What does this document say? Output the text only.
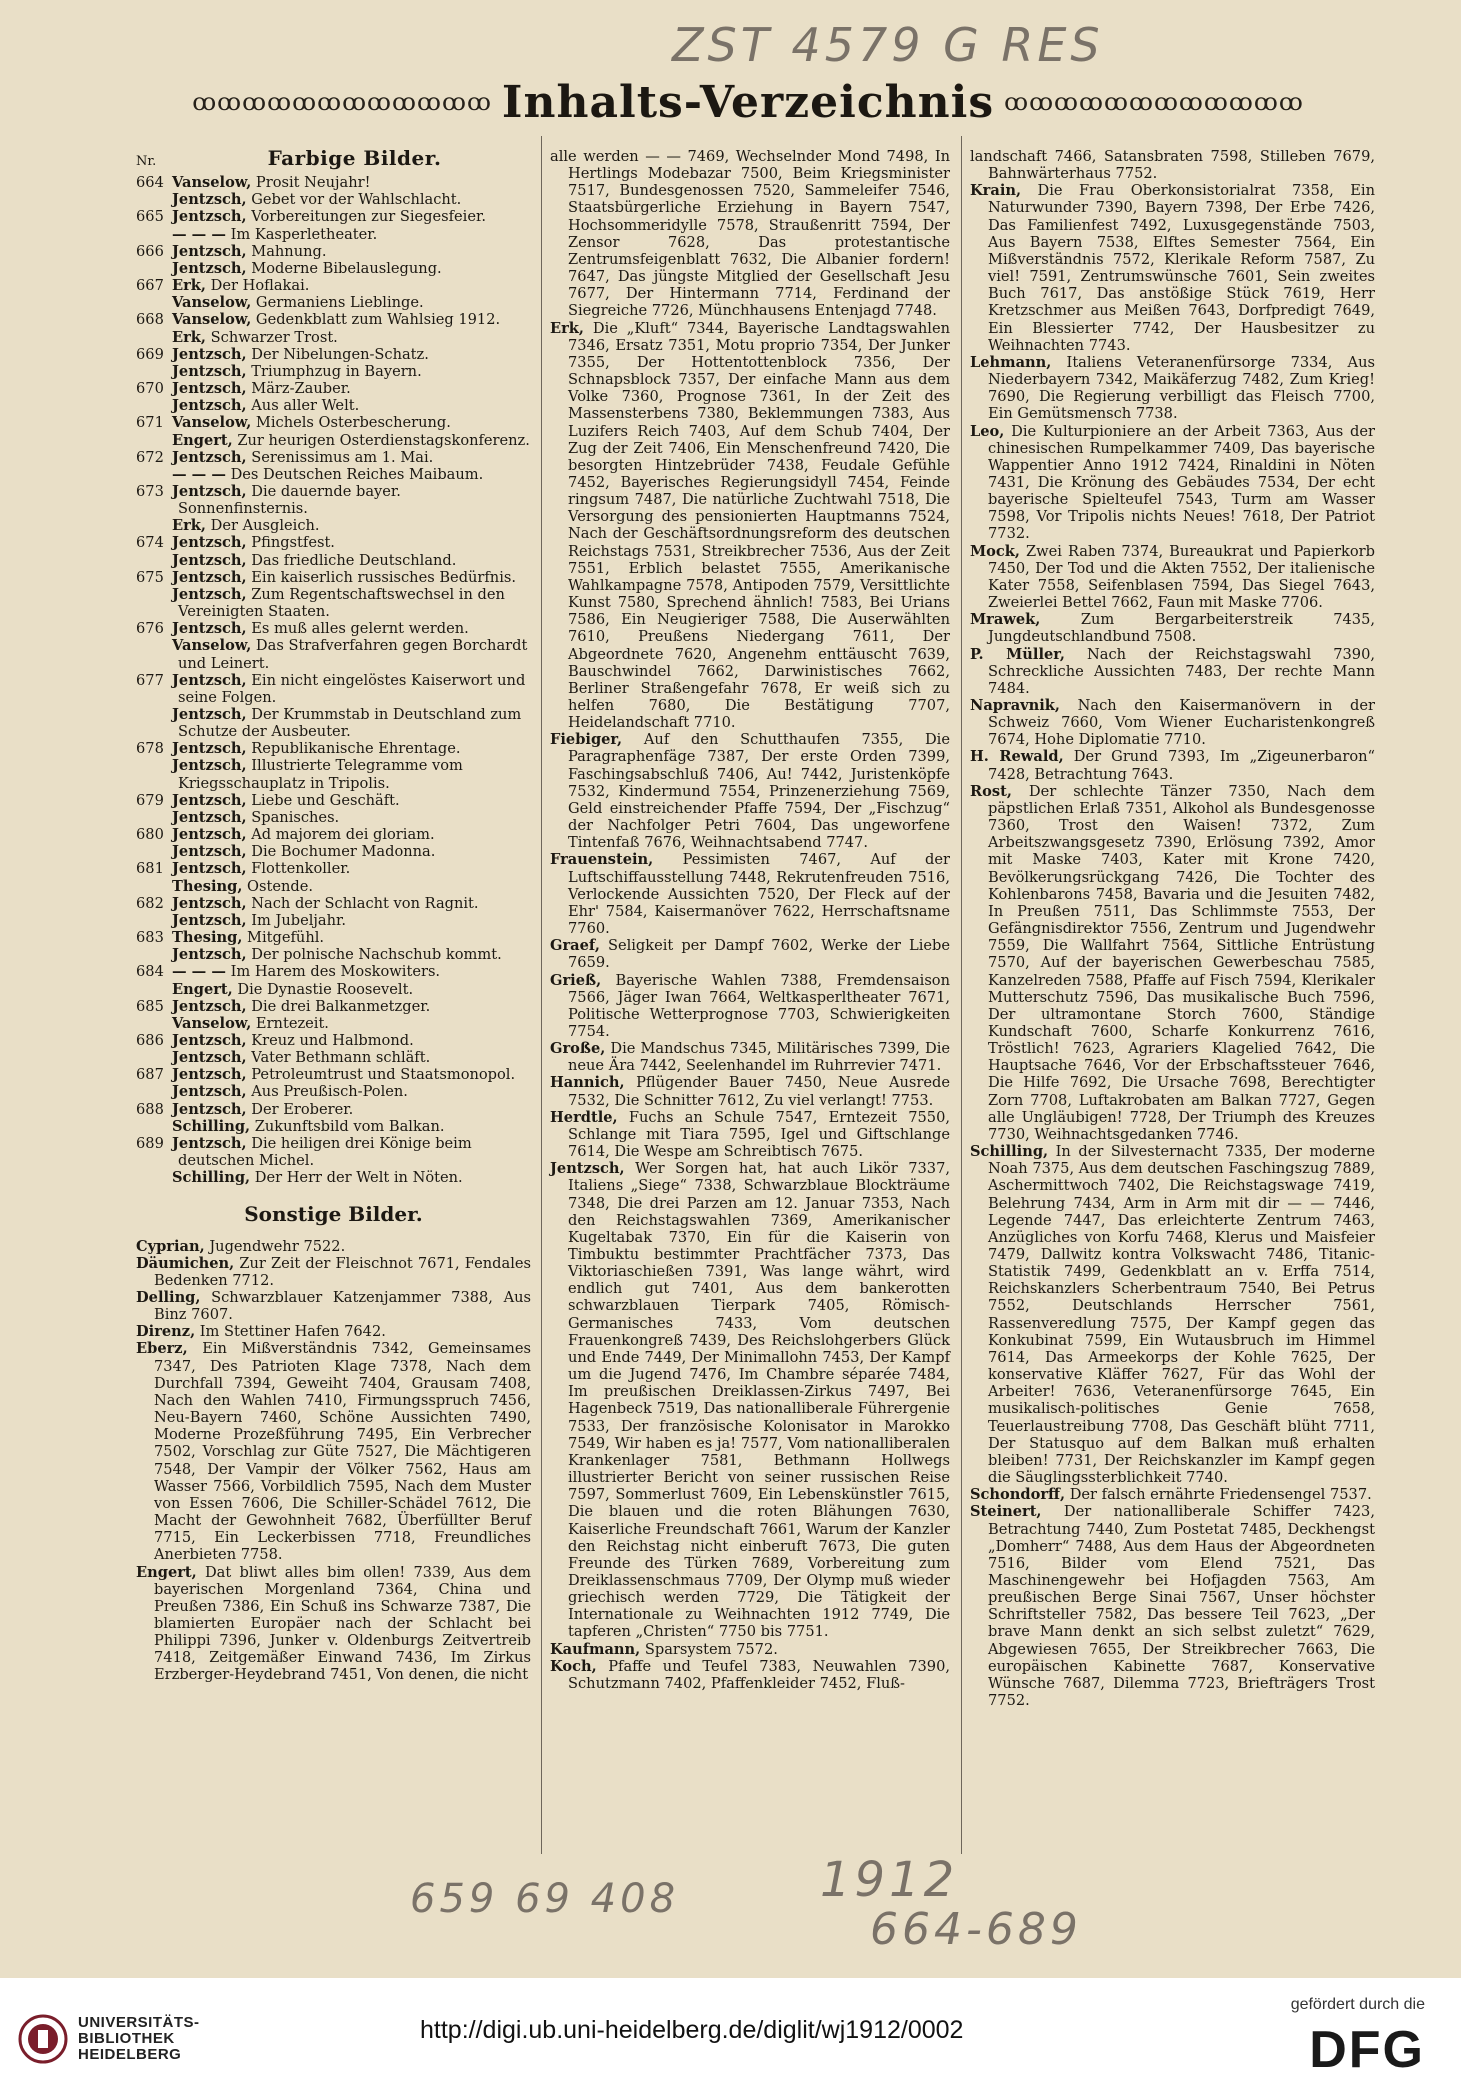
ZST 4579 G RES
ꝏꝏꝏꝏꝏꝏꝏꝏꝏꝏꝏꝏ Inhalts-Verzeichnis ꝏꝏꝏꝏꝏꝏꝏꝏꝏꝏꝏꝏ
Nr.	Farbige Bilder.
664 Vanselow, Prosit Neujahr!
Jentzsch, Gebet vor der Wahlschlacht.
665 Jentzsch, Vorbereitungen zur Siegesfeier.
— — — Im Kasperletheater.
666 Jentzsch, Mahnung.
Jentzsch, Moderne Bibelauslegung.
667 Erk, Der Hoflakai.
Vanselow, Germaniens Lieblinge.
668 Vanselow, Gedenkblatt zum Wahlsieg 1912.
Erk, Schwarzer Trost.
669 Jentzsch, Der Nibelungen-Schatz.
Jentzsch, Triumphzug in Bayern.
670 Jentzsch, März-Zauber.
Jentzsch, Aus aller Welt.
671 Vanselow, Michels Osterbescherung.
Engert, Zur heurigen Osterdienstagskonferenz.
672 Jentzsch, Serenissimus am 1. Mai.
— — — Des Deutschen Reiches Maibaum.
673 Jentzsch, Die dauernde bayer. Sonnenfinsternis.
Erk, Der Ausgleich.
674 Jentzsch, Pfingstfest.
Jentzsch, Das friedliche Deutschland.
675 Jentzsch, Ein kaiserlich russisches Bedürfnis.
Jentzsch, Zum Regentschaftswechsel in den Vereinigten Staaten.
676 Jentzsch, Es muß alles gelernt werden.
Vanselow, Das Strafverfahren gegen Borchardt und Leinert.
677 Jentzsch, Ein nicht eingelöstes Kaiserwort und seine Folgen.
Jentzsch, Der Krummstab in Deutschland zum Schutze der Ausbeuter.
678 Jentzsch, Republikanische Ehrentage.
Jentzsch, Illustrierte Telegramme vom Kriegsschauplatz in Tripolis.
679 Jentzsch, Liebe und Geschäft.
Jentzsch, Spanisches.
680 Jentzsch, Ad majorem dei gloriam.
Jentzsch, Die Bochumer Madonna.
681 Jentzsch, Flottenkoller.
Thesing, Ostende.
682 Jentzsch, Nach der Schlacht von Ragnit.
Jentzsch, Im Jubeljahr.
683 Thesing, Mitgefühl.
Jentzsch, Der polnische Nachschub kommt.
684 — — — Im Harem des Moskowiters.
Engert, Die Dynastie Roosevelt.
685 Jentzsch, Die drei Balkanmetzger.
Vanselow, Erntezeit.
686 Jentzsch, Kreuz und Halbmond.
Jentzsch, Vater Bethmann schläft.
687 Jentzsch, Petroleumtrust und Staatsmonopol.
Jentzsch, Aus Preußisch-Polen.
688 Jentzsch, Der Eroberer.
Schilling, Zukunftsbild vom Balkan.
689 Jentzsch, Die heiligen drei Könige beim deutschen Michel.
Schilling, Der Herr der Welt in Nöten.
Sonstige Bilder.
Cyprian, Jugendwehr 7522.
Däumichen, Zur Zeit der Fleischnot 7671, Fendales Bedenken 7712.
Delling, Schwarzblauer Katzenjammer 7388, Aus Binz 7607.
Direnz, Im Stettiner Hafen 7642.
Eberz, Ein Mißverständnis 7342, Gemeinsames 7347, Des Patrioten Klage 7378, Nach dem Durchfall 7394, Geweiht 7404, Grausam 7408, Nach den Wahlen 7410, Firmungsspruch 7456, Neu-Bayern 7460, Schöne Aussichten 7490, Moderne Prozeßführung 7495, Ein Verbrecher 7502, Vorschlag zur Güte 7527, Die Mächtigeren 7548, Der Vampir der Völker 7562, Haus am Wasser 7566, Vorbildlich 7595, Nach dem Muster von Essen 7606, Die Schiller-Schädel 7612, Die Macht der Gewohnheit 7682, Überfüllter Beruf 7715, Ein Leckerbissen 7718, Freundliches Anerbieten 7758.
Engert, Dat bliwt alles bim ollen! 7339, Aus dem bayerischen Morgenland 7364, China und Preußen 7386, Ein Schuß ins Schwarze 7387, Die blamierten Europäer nach der Schlacht bei Philippi 7396, Junker v. Oldenburgs Zeitvertreib 7418, Zeitgemäßer Einwand 7436, Im Zirkus Erzberger-Heydebrand 7451, Von denen, die nicht
alle werden — — 7469, Wechselnder Mond 7498, In Hertlings Modebazar 7500, Beim Kriegsminister 7517, Bundesgenossen 7520, Sammeleifer 7546, Staatsbürgerliche Erziehung in Bayern 7547, Hochsommeridylle 7578, Straußenritt 7594, Der Zensor 7628, Das protestantische Zentrumsfeigenblatt 7632, Die Albanier fordern! 7647, Das jüngste Mitglied der Gesellschaft Jesu 7677, Der Hintermann 7714, Ferdinand der Siegreiche 7726, Münchhausens Entenjagd 7748.
Erk, Die „Kluft“ 7344, Bayerische Landtagswahlen 7346, Ersatz 7351, Motu proprio 7354, Der Junker 7355, Der Hottentottenblock 7356, Der Schnapsblock 7357, Der einfache Mann aus dem Volke 7360, Prognose 7361, In der Zeit des Massensterbens 7380, Beklemmungen 7383, Aus Luzifers Reich 7403, Auf dem Schub 7404, Der Zug der Zeit 7406, Ein Menschenfreund 7420, Die besorgten Hintzebrüder 7438, Feudale Gefühle 7452, Bayerisches Regierungsidyll 7454, Feinde ringsum 7487, Die natürliche Zuchtwahl 7518, Die Versorgung des pensionierten Hauptmanns 7524, Nach der Geschäftsordnungsreform des deutschen Reichstags 7531, Streikbrecher 7536, Aus der Zeit 7551, Erblich belastet 7555, Amerikanische Wahlkampagne 7578, Antipoden 7579, Versittlichte Kunst 7580, Sprechend ähnlich! 7583, Bei Urians 7586, Ein Neugieriger 7588, Die Auserwählten 7610, Preußens Niedergang 7611, Der Abgeordnete 7620, Angenehm enttäuscht 7639, Bauschwindel 7662, Darwinistisches 7662, Berliner Straßengefahr 7678, Er weiß sich zu helfen 7680, Die Bestätigung 7707, Heidelandschaft 7710.
Fiebiger, Auf den Schutthaufen 7355, Die Paragraphenfäge 7387, Der erste Orden 7399, Faschingsabschluß 7406, Au! 7442, Juristenköpfe 7532, Kindermund 7554, Prinzenerziehung 7569, Geld einstreichender Pfaffe 7594, Der „Fischzug“ der Nachfolger Petri 7604, Das ungeworfene Tintenfaß 7676, Weihnachtsabend 7747.
Frauenstein, Pessimisten 7467, Auf der Luftschiffausstellung 7448, Rekrutenfreuden 7516, Verlockende Aussichten 7520, Der Fleck auf der Ehr' 7584, Kaisermanöver 7622, Herrschaftsname 7760.
Graef, Seligkeit per Dampf 7602, Werke der Liebe 7659.
Grieß, Bayerische Wahlen 7388, Fremdensaison 7566, Jäger Iwan 7664, Weltkasperltheater 7671, Politische Wetterprognose 7703, Schwierigkeiten 7754.
Große, Die Mandschus 7345, Militärisches 7399, Die neue Ära 7442, Seelenhandel im Ruhrrevier 7471.
Hannich, Pflügender Bauer 7450, Neue Ausrede 7532, Die Schnitter 7612, Zu viel verlangt! 7753.
Herdtle, Fuchs an Schule 7547, Erntezeit 7550, Schlange mit Tiara 7595, Igel und Giftschlange 7614, Die Wespe am Schreibtisch 7675.
Jentzsch, Wer Sorgen hat, hat auch Likör 7337, Italiens „Siege“ 7338, Schwarzblaue Blockträume 7348, Die drei Parzen am 12. Januar 7353, Nach den Reichstagswahlen 7369, Amerikanischer Kugeltabak 7370, Ein für die Kaiserin von Timbuktu bestimmter Prachtfächer 7373, Das Viktoriaschießen 7391, Was lange währt, wird endlich gut 7401, Aus dem bankerotten schwarzblauen Tierpark 7405, Römisch-Germanisches 7433, Vom deutschen Frauenkongreß 7439, Des Reichslohgerbers Glück und Ende 7449, Der Minimallohn 7453, Der Kampf um die Jugend 7476, Im Chambre séparée 7484, Im preußischen Dreiklassen-Zirkus 7497, Bei Hagenbeck 7519, Das nationalliberale Führergenie 7533, Der französische Kolonisator in Marokko 7549, Wir haben es ja! 7577, Vom nationalliberalen Krankenlager 7581, Bethmann Hollwegs illustrierter Bericht von seiner russischen Reise 7597, Sommerlust 7609, Ein Lebenskünstler 7615, Die blauen und die roten Blähungen 7630, Kaiserliche Freundschaft 7661, Warum der Kanzler den Reichstag nicht einberuft 7673, Die guten Freunde des Türken 7689, Vorbereitung zum Dreiklassenschmaus 7709, Der Olymp muß wieder griechisch werden 7729, Die Tätigkeit der Internationale zu Weihnachten 1912 7749, Die tapferen „Christen“ 7750 bis 7751.
Kaufmann, Sparsystem 7572.
Koch, Pfaffe und Teufel 7383, Neuwahlen 7390, Schutzmann 7402, Pfaffenkleider 7452, Fluß-
landschaft 7466, Satansbraten 7598, Stilleben 7679, Bahnwärterhaus 7752.
Krain, Die Frau Oberkonsistorialrat 7358, Ein Naturwunder 7390, Bayern 7398, Der Erbe 7426, Das Familienfest 7492, Luxusgegenstände 7503, Aus Bayern 7538, Elftes Semester 7564, Ein Mißverständnis 7572, Klerikale Reform 7587, Zu viel! 7591, Zentrumswünsche 7601, Sein zweites Buch 7617, Das anstößige Stück 7619, Herr Kretzschmer aus Meißen 7643, Dorfpredigt 7649, Ein Blessierter 7742, Der Hausbesitzer zu Weihnachten 7743.
Lehmann, Italiens Veteranenfürsorge 7334, Aus Niederbayern 7342, Maikäferzug 7482, Zum Krieg! 7690, Die Regierung verbilligt das Fleisch 7700, Ein Gemütsmensch 7738.
Leo, Die Kulturpioniere an der Arbeit 7363, Aus der chinesischen Rumpelkammer 7409, Das bayerische Wappentier Anno 1912 7424, Rinaldini in Nöten 7431, Die Krönung des Gebäudes 7534, Der echt bayerische Spielteufel 7543, Turm am Wasser 7598, Vor Tripolis nichts Neues! 7618, Der Patriot 7732.
Mock, Zwei Raben 7374, Bureaukrat und Papierkorb 7450, Der Tod und die Akten 7552, Der italienische Kater 7558, Seifenblasen 7594, Das Siegel 7643, Zweierlei Bettel 7662, Faun mit Maske 7706.
Mrawek, Zum Bergarbeiterstreik 7435, Jungdeutschlandbund 7508.
P. Müller, Nach der Reichstagswahl 7390, Schreckliche Aussichten 7483, Der rechte Mann 7484.
Napravnik, Nach den Kaisermanövern in der Schweiz 7660, Vom Wiener Eucharistenkongreß 7674, Hohe Diplomatie 7710.
H. Rewald, Der Grund 7393, Im „Zigeunerbaron“ 7428, Betrachtung 7643.
Rost, Der schlechte Tänzer 7350, Nach dem päpstlichen Erlaß 7351, Alkohol als Bundesgenosse 7360, Trost den Waisen! 7372, Zum Arbeitszwangsgesetz 7390, Erlösung 7392, Amor mit Maske 7403, Kater mit Krone 7420, Bevölkerungsrückgang 7426, Die Tochter des Kohlenbarons 7458, Bavaria und die Jesuiten 7482, In Preußen 7511, Das Schlimmste 7553, Der Gefängnisdirektor 7556, Zentrum und Jugendwehr 7559, Die Wallfahrt 7564, Sittliche Entrüstung 7570, Auf der bayerischen Gewerbeschau 7585, Kanzelreden 7588, Pfaffe auf Fisch 7594, Klerikaler Mutterschutz 7596, Das musikalische Buch 7596, Der ultramontane Storch 7600, Ständige Kundschaft 7600, Scharfe Konkurrenz 7616, Tröstlich! 7623, Agrariers Klagelied 7642, Die Hauptsache 7646, Vor der Erbschaftssteuer 7646, Die Hilfe 7692, Die Ursache 7698, Berechtigter Zorn 7708, Luftakrobaten am Balkan 7727, Gegen alle Ungläubigen! 7728, Der Triumph des Kreuzes 7730, Weihnachtsgedanken 7746.
Schilling, In der Silvesternacht 7335, Der moderne Noah 7375, Aus dem deutschen Faschingszug 7889, Aschermittwoch 7402, Die Reichstagswage 7419, Belehrung 7434, Arm in Arm mit dir — — 7446, Legende 7447, Das erleichterte Zentrum 7463, Anzügliches von Korfu 7468, Klerus und Maisfeier 7479, Dallwitz kontra Volkswacht 7486, Titanic-Statistik 7499, Gedenkblatt an v. Erffa 7514, Reichskanzlers Scherbentraum 7540, Bei Petrus 7552, Deutschlands Herrscher 7561, Rassenveredlung 7575, Der Kampf gegen das Konkubinat 7599, Ein Wutausbruch im Himmel 7614, Das Armeekorps der Kohle 7625, Der konservative Kläffer 7627, Für das Wohl der Arbeiter! 7636, Veteranenfürsorge 7645, Ein musikalisch-politisches Genie 7658, Teuerlaustreibung 7708, Das Geschäft blüht 7711, Der Statusquo auf dem Balkan muß erhalten bleiben! 7731, Der Reichskanzler im Kampf gegen die Säuglingssterblichkeit 7740.
Schondorff, Der falsch ernährte Friedensengel 7537.
Steinert, Der nationalliberale Schiffer 7423, Betrachtung 7440, Zum Postetat 7485, Deckhengst „Domherr“ 7488, Aus dem Haus der Abgeordneten 7516, Bilder vom Elend 7521, Das Maschinengewehr bei Hofjagden 7563, Am preußischen Berge Sinai 7567, Unser höchster Schriftsteller 7582, Das bessere Teil 7623, „Der brave Mann denkt an sich selbst zuletzt“ 7629, Abgewiesen 7655, Der Streikbrecher 7663, Die europäischen Kabinette 7687, Konservative Wünsche 7687, Dilemma 7723, Briefträgers Trost 7752.
659 69 408	1912
664-689
UNIVERSITÄTS-
BIBLIOTHEK
HEIDELBERG
http://digi.ub.uni-heidelberg.de/diglit/wj1912/0002
gefördert durch die
DFG
